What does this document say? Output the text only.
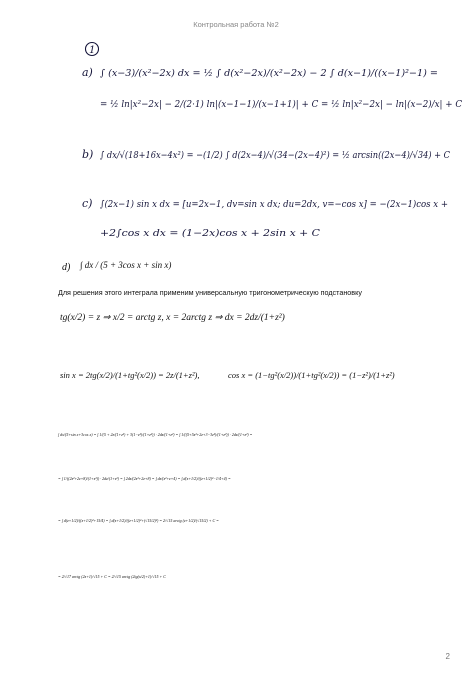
Контрольная работа №2
1
a) ∫ (x−3)/(x²−2x) dx = ½ ∫ d(x²−2x)/(x²−2x) − 2 ∫ d(x−1)/((x−1)²−1) =
= ½ ln|x²−2x| − 2/(2·1) ln|(x−1−1)/(x−1+1)| + C = ½ ln|x²−2x| − ln|(x−2)/x| + C
b) ∫ dx/√(18+16x−4x²) = −(1/2) ∫ d(2x−4)/√(34−(2x−4)²) = ½ arcsin((2x−4)/√34) + C
c) ∫(2x−1) sin x dx = [u=2x−1, dv=sin x dx; du=2dx, v=−cos x] = −(2x−1)cos x +
+2∫cos x dx = (1−2x)cos x + 2sin x + C
d) ∫ dx / (5 + 3cos x + sin x)
Для решения этого интеграла применим универсальную тригонометрическую подстановку
tg(x/2) = z ⇒ x/2 = arctg z, x = 2arctg z ⇒ dx = 2dz/(1+z²)
sin x = 2tg(x/2)/(1+tg²(x/2)) = 2z/(1+z²),	cos x = (1−tg²(x/2))/(1+tg²(x/2)) = (1−z²)/(1+z²)
∫ dx/(5+sin x+3cos x) = ∫ 1/(5 + 2z/(1+z²) + 3(1−z²)/(1+z²)) · 2dz/(1+z²) = ∫ 1/((5+5z²+2z+3−3z²)/(1+z²)) · 2dz/(1+z²) =
= ∫ 1/((2z²+2z+8)/(1+z²)) · 2dz/(1+z²) = ∫ 2dz/(2z²+2z+8) = ∫ dz/(z²+z+4) = ∫ d(z+1/2)/((z+1/2)²−1/4+4) =
= ∫ d(z+1/2)/((z+1/2)²+15/4) = ∫ d(z+1/2)/((z+1/2)²+(√15/2)²) = 2/√15 arctg (z+1/2)/(√15/2) + C =
= 2/√17 arctg (2z+1)/√15 + C = 2/√15 arctg (2tg(x/2)+1)/√15 + C
2
